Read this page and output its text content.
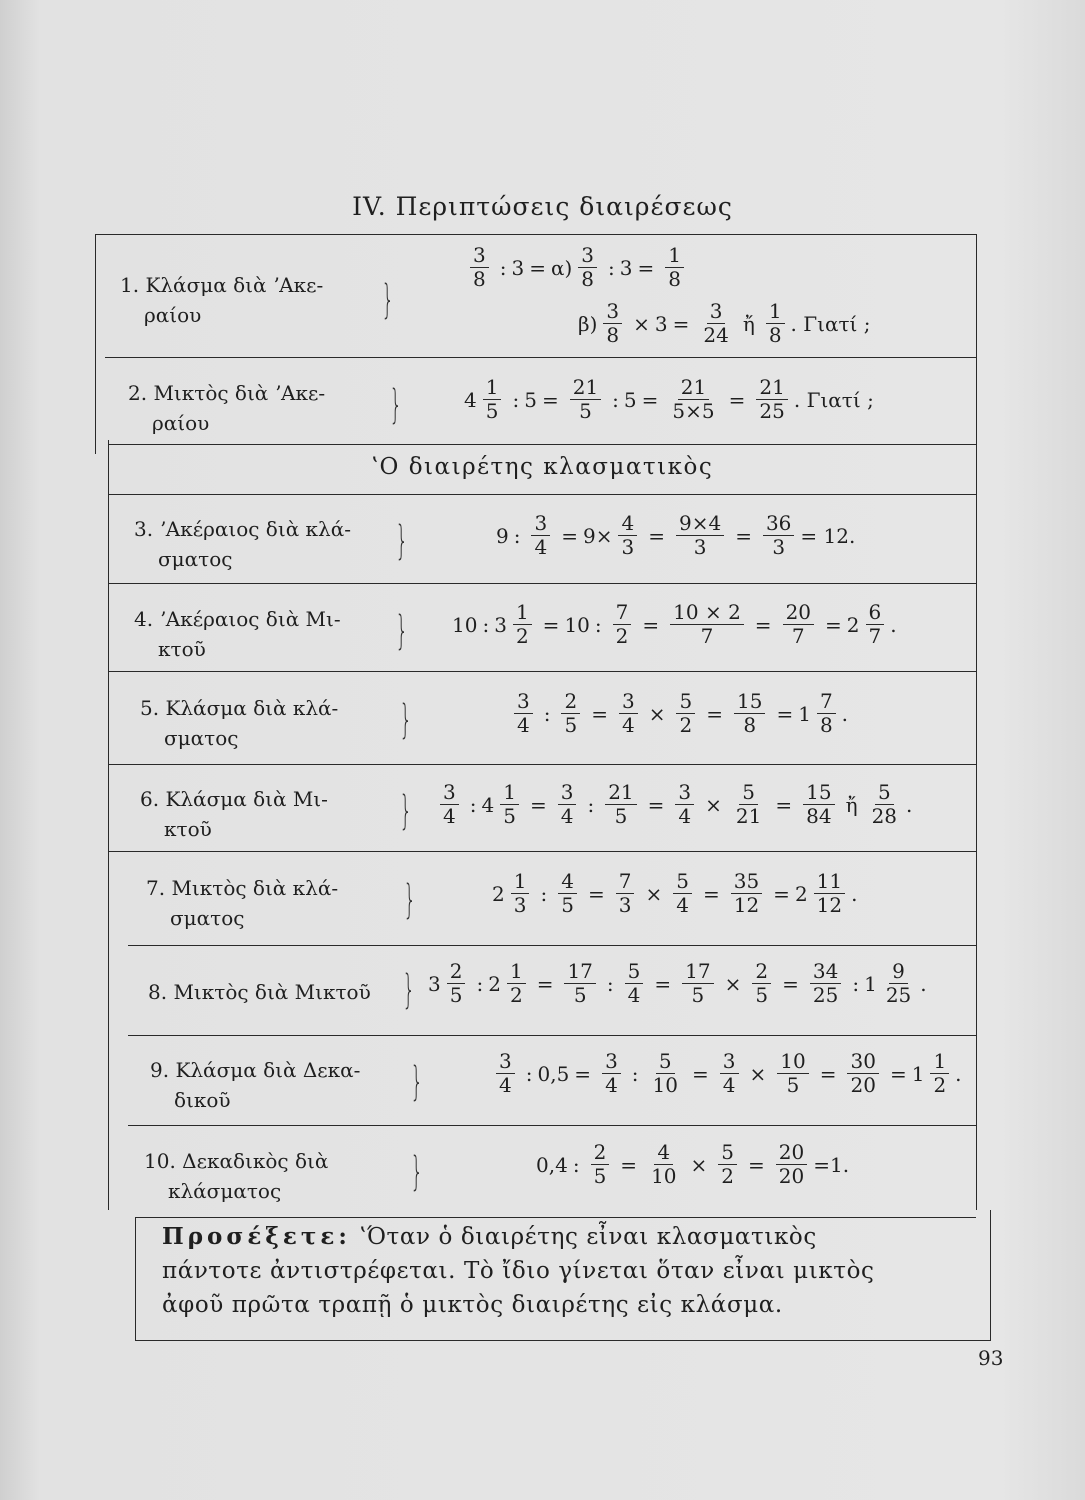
IV. Περιπτώσεις διαιρέσεως
ʽΟ διαιρέτης κλασματικὸς
1. Κλάσμα διὰ ʼΑκε-
ραίου	}
$\frac{3}{8}$ : $3 = \alpha) \frac{3}{8}$ : $3 = \frac{1}{8}$
$\beta) \frac{3}{8} \times 3 = \frac{3}{24}$ ἤ $\frac{1}{8}$ . Γιατί ;
2. Μικτὸς διὰ ʼΑκε-
ραίου	}	$4 \frac{1}{5}$ : $5 = \frac{21}{5}$ : $5 = \frac{21}{5\times 5} = \frac{21}{25}$ . Γιατί ;
3. ʼΑκέραιος διὰ κλά-
σματος	}	9 : $\frac{3}{4} = 9\times \frac{4}{3} = \frac{9\times 4}{3} = \frac{36}{3} = 12$.
4. ʼΑκέραιος διὰ Μι-
κτοῦ	} 10 : $3 \frac{1}{2} = 10$ : $\frac{7}{2} = \frac{10 \times 2}{7} = \frac{20}{7} = 2 \frac{6}{7}$ .
5. Κλάσμα διὰ κλά-
σματος	}	$\frac{3}{4}$ : $\frac{2}{5} = \frac{3}{4} \times \frac{5}{2} = \frac{15}{8} = 1 \frac{7}{8}$ .
6. Κλάσμα διὰ Μι-
κτοῦ	} $\frac{3}{4}$ : $4 \frac{1}{5} = \frac{3}{4}$ : $\frac{21}{5} = \frac{3}{4} \times \frac{5}{21} = \frac{15}{84}$ ἤ $\frac{5}{28}$ .
7. Μικτὸς διὰ κλά-
σματος	}	$2 \frac{1}{3}$ : $\frac{4}{5} = \frac{7}{3} \times \frac{5}{4} = \frac{35}{12} = 2 \frac{11}{12}$ .
8. Μικτὸς διὰ Μικτοῦ } $3 \frac{2}{5}$ : $2 \frac{1}{2} = \frac{17}{5}$ : $\frac{5}{4} = \frac{17}{5} \times \frac{2}{5} = \frac{34}{25}$ : $1 \frac{9}{25}$ .
9. Κλάσμα διὰ Δεκα-
δικοῦ	}	$\frac{3}{4}$ : $0,5 = \frac{3}{4}$ : $\frac{5}{10} = \frac{3}{4} \times \frac{10}{5} = \frac{30}{20} = 1 \frac{1}{2}$ .
10. Δεκαδικὸς διὰ
κλάσματος	}	0,4 : $\frac{2}{5} = \frac{4}{10} \times \frac{5}{2} = \frac{20}{20} =1$.
Προσέξετε: ʽΌταν ὁ διαιρέτης εἶναι κλασματικὸς
πάντοτε ἀντιστρέφεται. Τὸ ἴδιο γίνεται ὅταν εἶναι μικτὸς
ἀφοῦ πρῶτα τραπῇ ὁ μικτὸς διαιρέτης εἰς κλάσμα.
93
